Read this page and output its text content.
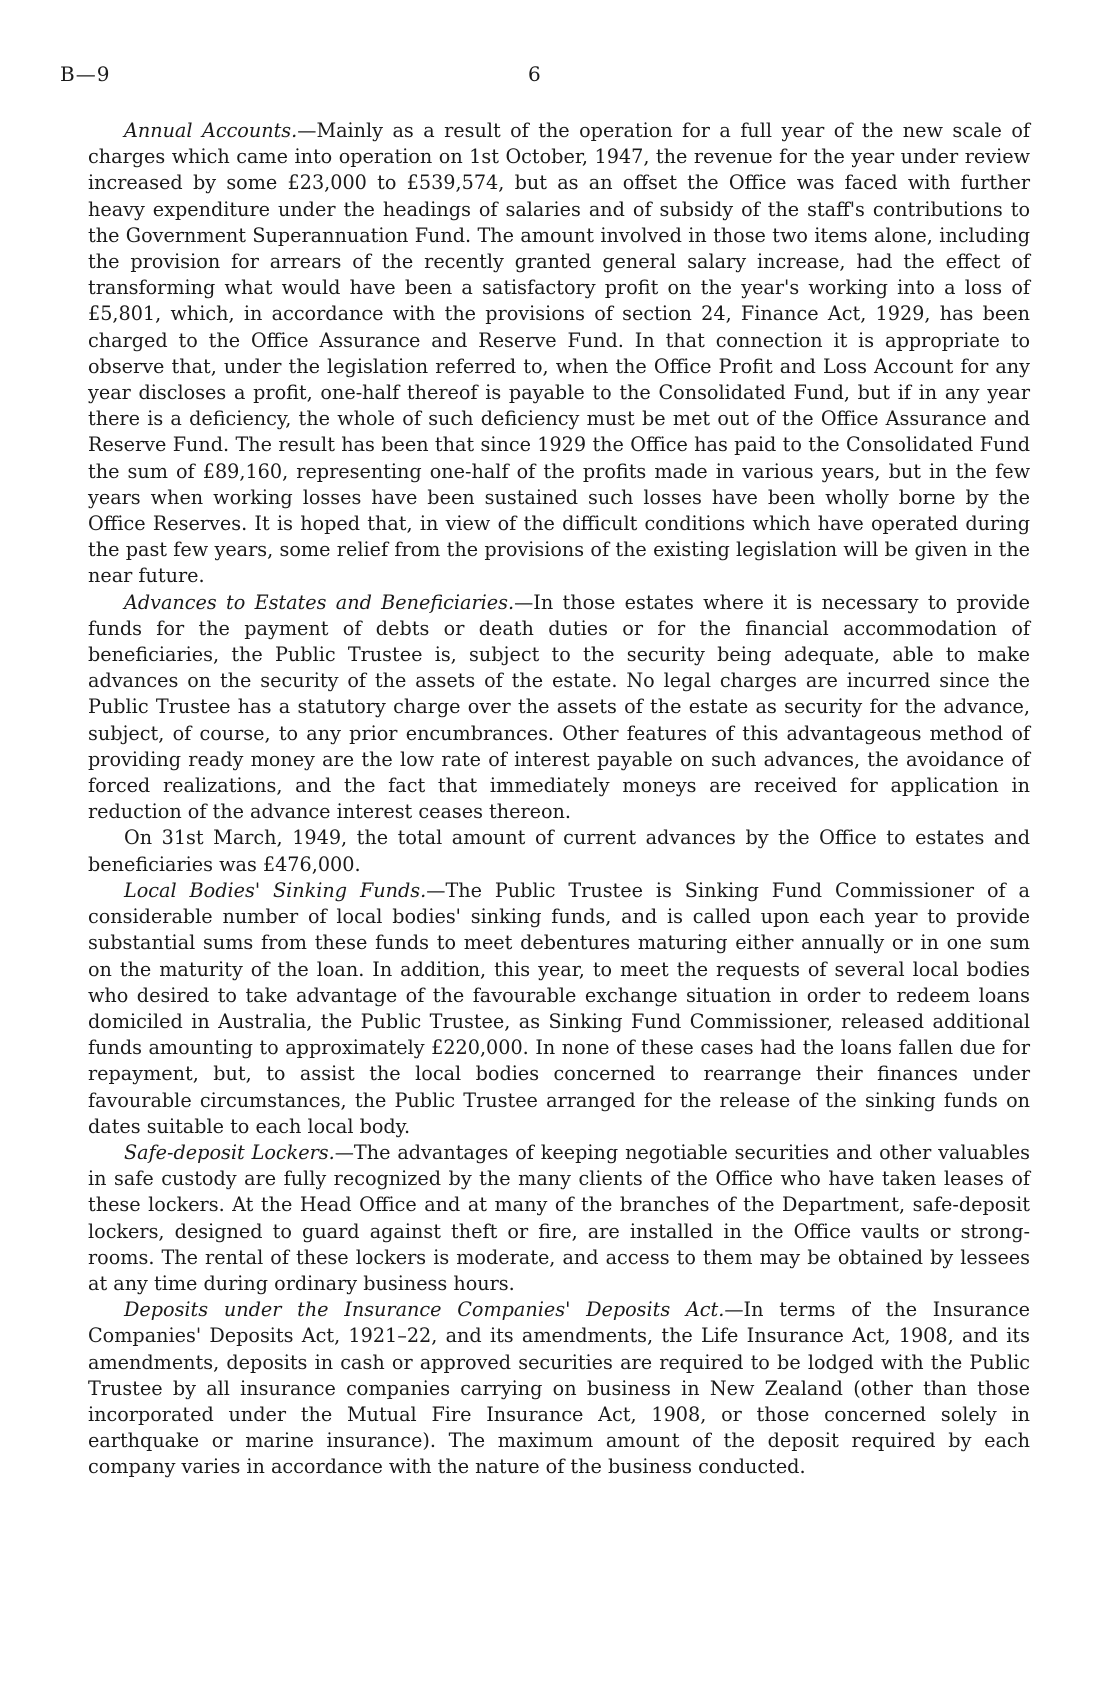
B—9	6

Annual Accounts.—Mainly as a result of the operation for a full year of the new scale of charges which came into operation on 1st October, 1947, the revenue for the year under review increased by some £23,000 to £539,574, but as an offset the Office was faced with further heavy expenditure under the headings of salaries and of subsidy of the staff's contributions to the Government Superannuation Fund. The amount involved in those two items alone, including the provision for arrears of the recently granted general salary increase, had the effect of transforming what would have been a satisfactory profit on the year's working into a loss of £5,801, which, in accordance with the provisions of section 24, Finance Act, 1929, has been charged to the Office Assurance and Reserve Fund. In that connection it is appropriate to observe that, under the legislation referred to, when the Office Profit and Loss Account for any year discloses a profit, one-half thereof is payable to the Consolidated Fund, but if in any year there is a deficiency, the whole of such deficiency must be met out of the Office Assurance and Reserve Fund. The result has been that since 1929 the Office has paid to the Consolidated Fund the sum of £89,160, representing one-half of the profits made in various years, but in the few years when working losses have been sustained such losses have been wholly borne by the Office Reserves. It is hoped that, in view of the difficult conditions which have operated during the past few years, some relief from the provisions of the existing legislation will be given in the near future.

Advances to Estates and Beneficiaries.—In those estates where it is necessary to provide funds for the payment of debts or death duties or for the financial accommodation of beneficiaries, the Public Trustee is, subject to the security being adequate, able to make advances on the security of the assets of the estate. No legal charges are incurred since the Public Trustee has a statutory charge over the assets of the estate as security for the advance, subject, of course, to any prior encumbrances. Other features of this advantageous method of providing ready money are the low rate of interest payable on such advances, the avoidance of forced realizations, and the fact that immediately moneys are received for application in reduction of the advance interest ceases thereon.

On 31st March, 1949, the total amount of current advances by the Office to estates and beneficiaries was £476,000.

Local Bodies' Sinking Funds.—The Public Trustee is Sinking Fund Commissioner of a considerable number of local bodies' sinking funds, and is called upon each year to provide substantial sums from these funds to meet debentures maturing either annually or in one sum on the maturity of the loan. In addition, this year, to meet the requests of several local bodies who desired to take advantage of the favourable exchange situation in order to redeem loans domiciled in Australia, the Public Trustee, as Sinking Fund Commissioner, released additional funds amounting to approximately £220,000. In none of these cases had the loans fallen due for repayment, but, to assist the local bodies concerned to rearrange their finances under favourable circumstances, the Public Trustee arranged for the release of the sinking funds on dates suitable to each local body.

Safe-deposit Lockers.—The advantages of keeping negotiable securities and other valuables in safe custody are fully recognized by the many clients of the Office who have taken leases of these lockers. At the Head Office and at many of the branches of the Department, safe-deposit lockers, designed to guard against theft or fire, are installed in the Office vaults or strong-rooms. The rental of these lockers is moderate, and access to them may be obtained by lessees at any time during ordinary business hours.

Deposits under the Insurance Companies' Deposits Act.—In terms of the Insurance Companies' Deposits Act, 1921–22, and its amendments, the Life Insurance Act, 1908, and its amendments, deposits in cash or approved securities are required to be lodged with the Public Trustee by all insurance companies carrying on business in New Zealand (other than those incorporated under the Mutual Fire Insurance Act, 1908, or those concerned solely in earthquake or marine insurance). The maximum amount of the deposit required by each company varies in accordance with the nature of the business conducted.
